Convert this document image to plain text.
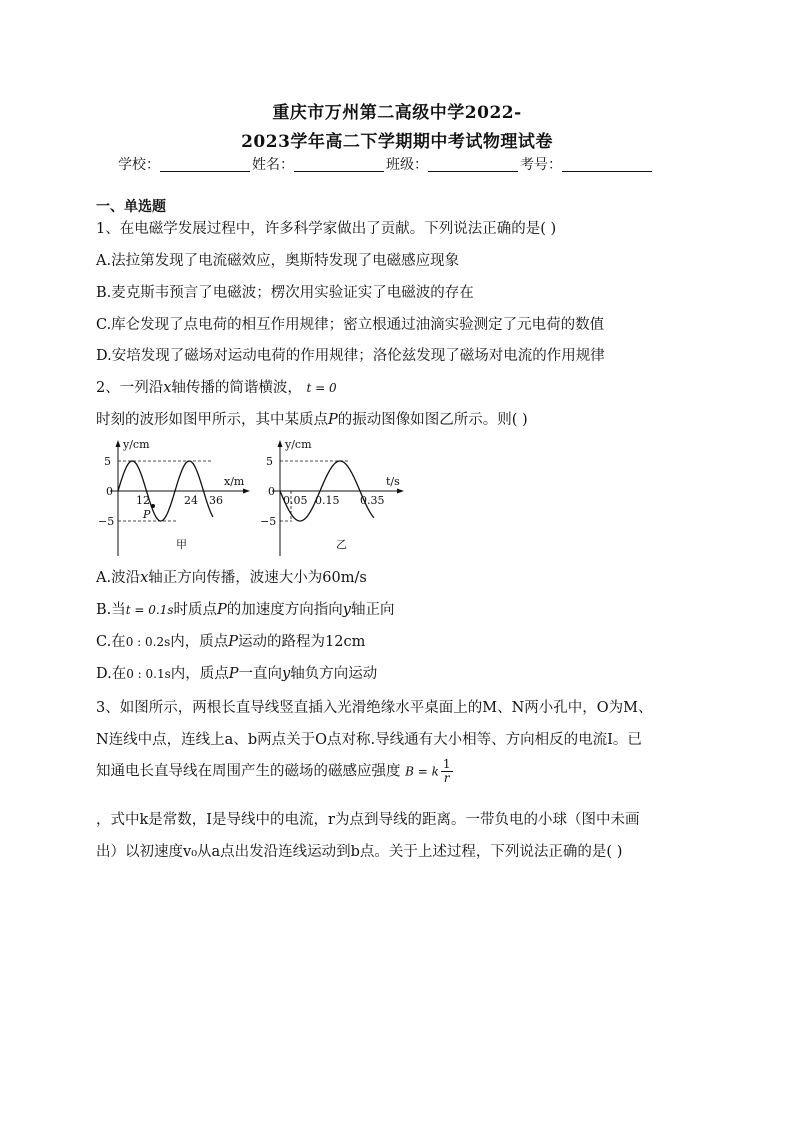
重庆市万州第二高级中学2022-
2023学年高二下学期期中考试物理试卷
学校：	姓名：	班级：	考号：
一、单选题
1、在电磁学发展过程中，许多科学家做出了贡献。下列说法正确的是( )
A.法拉第发现了电流磁效应，奥斯特发现了电磁感应现象
B.麦克斯韦预言了电磁波；楞次用实验证实了电磁波的存在
C.库仑发现了点电荷的相互作用规律；密立根通过油滴实验测定了元电荷的数值
D.安培发现了磁场对运动电荷的作用规律；洛伦兹发现了磁场对电流的作用规律
2、一列沿x轴传播的简谐横波， t = 0
时刻的波形如图甲所示，其中某质点P的振动图像如图乙所示。则( )
y/cm
x/m
5
0
−5
12	24 36
P
甲
y/cm
t/s
5
0
−5
0.05 0.15 0.35
乙
A.波沿x轴正方向传播，波速大小为60m/s
B.当t = 0.1s时质点P的加速度方向指向y轴正向
C.在0 : 0.2s内，质点P运动的路程为12cm
D.在0 : 0.1s内，质点P一直向y轴负方向运动
3、如图所示，两根长直导线竖直插入光滑绝缘水平桌面上的M、N两小孔中，O为M、
N连线中点，连线上a、b两点关于O点对称.导线通有大小相等、方向相反的电流I。已
知通电长直导线在周围产生的磁场的磁感应强度 B = k $\frac{1}{r}$
，式中k是常数，I是导线中的电流，r为点到导线的距离。一带负电的小球（图中未画
出）以初速度v₀从a点出发沿连线运动到b点。关于上述过程，下列说法正确的是( )
